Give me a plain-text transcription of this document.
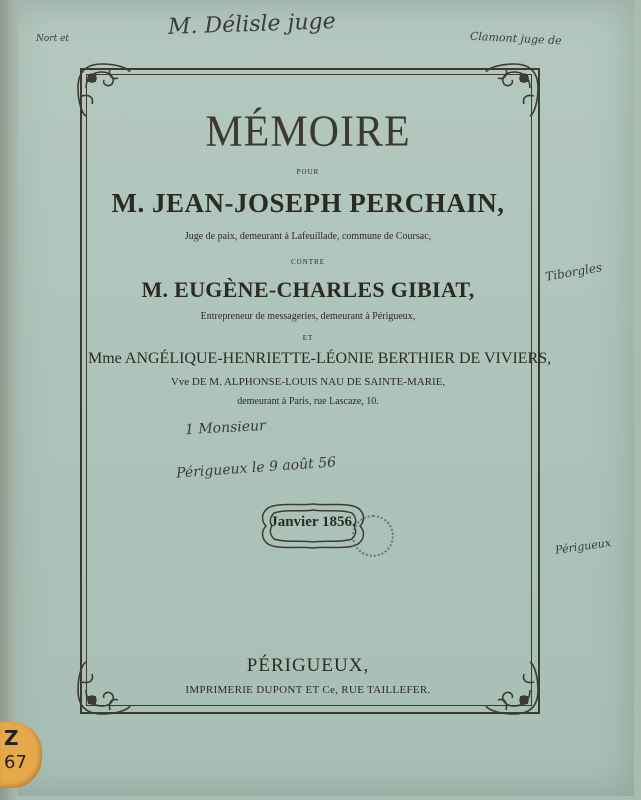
Nort et	M. Délisle juge	Clamont juge de
MÉMOIRE
POUR
M. JEAN-JOSEPH PERCHAIN,
Juge de paix, demeurant à Lafeuillade, commune de Coursac,
CONTRE
M. EUGÈNE-CHARLES GIBIAT,
Entrepreneur de messageries, demeurant à Périgueux,
ET
Mme ANGÉLIQUE-HENRIETTE-LÉONIE BERTHIER DE VIVIERS,
Vve DE M. ALPHONSE-LOUIS NAU DE SAINTE-MARIE,
demeurant à Paris, rue Lascaze, 10.
1 Monsieur
Périgueux le 9 août 56
Tiborgles
Périgueux
Janvier 1856.
PÉRIGUEUX,
IMPRIMERIE DUPONT ET Ce, RUE TAILLEFER.
Z
67
